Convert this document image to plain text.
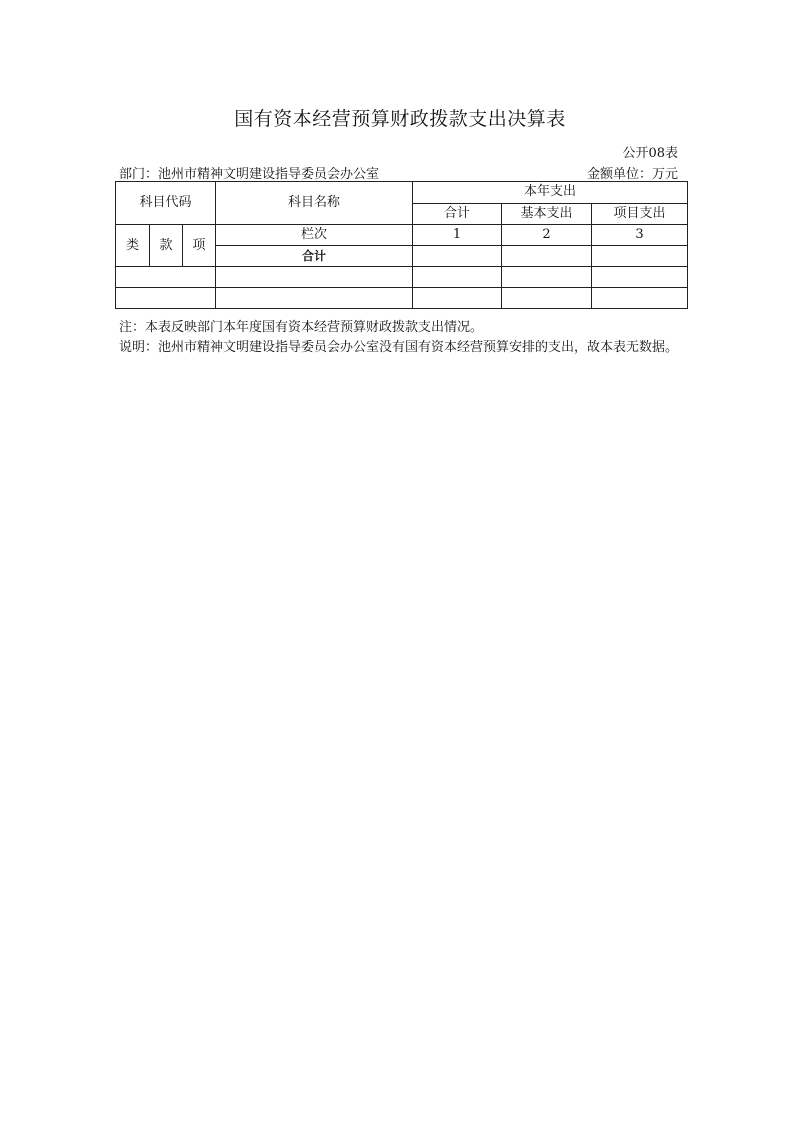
国有资本经营预算财政拨款支出决算表
公开08表
部门：池州市精神文明建设指导委员会办公室	金额单位：万元
科目代码			科目名称	本年支出		
				合计	基本支出	项目支出
类	款	项	栏次	1	2	3
			合计			

注：本表反映部门本年度国有资本经营预算财政拨款支出情况。
说明：池州市精神文明建设指导委员会办公室没有国有资本经营预算安排的支出，故本表无数据。
